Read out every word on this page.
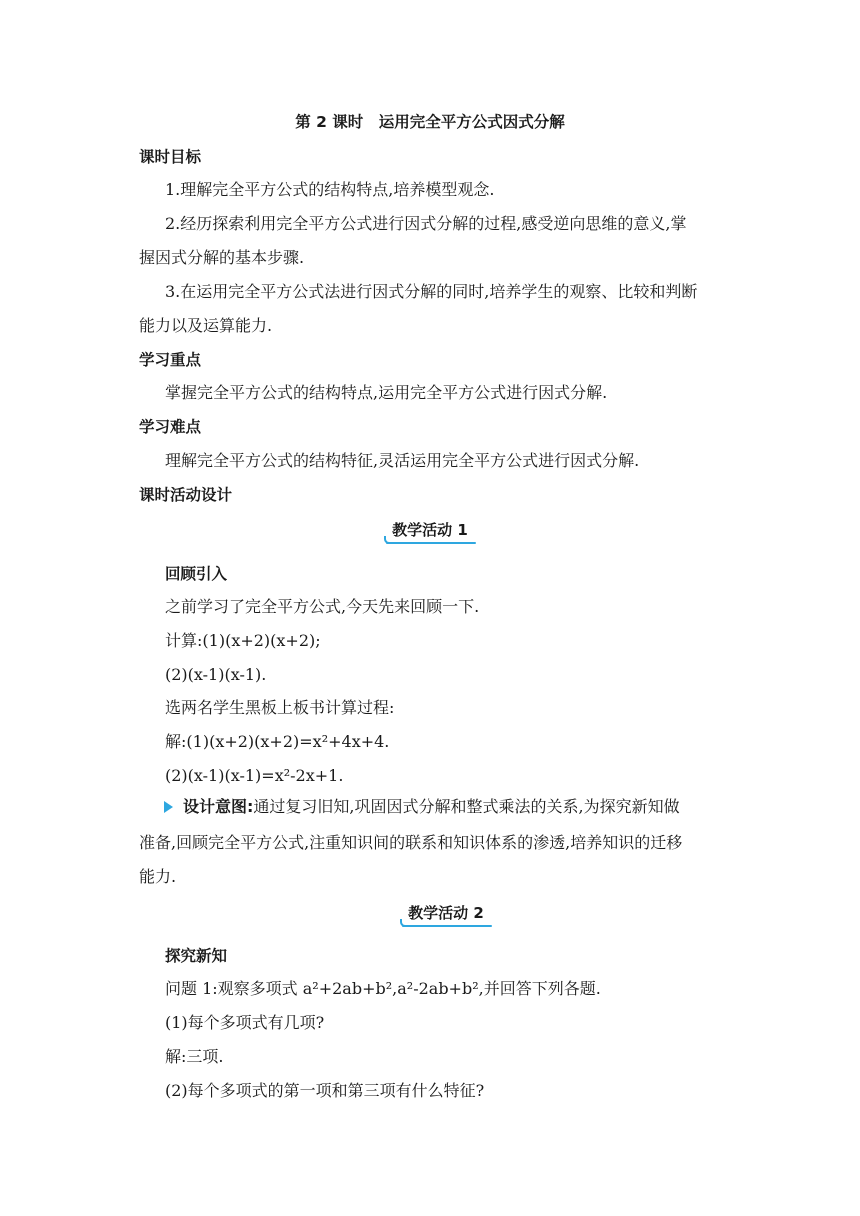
第 2 课时　运用完全平方公式因式分解
课时目标
1.理解完全平方公式的结构特点,培养模型观念.
2.经历探索利用完全平方公式进行因式分解的过程,感受逆向思维的意义,掌
握因式分解的基本步骤.
3.在运用完全平方公式法进行因式分解的同时,培养学生的观察、比较和判断
能力以及运算能力.
学习重点
掌握完全平方公式的结构特点,运用完全平方公式进行因式分解.
学习难点
理解完全平方公式的结构特征,灵活运用完全平方公式进行因式分解.
课时活动设计
教学活动 1
回顾引入
之前学习了完全平方公式,今天先来回顾一下.
计算:(1)(x+2)(x+2);
(2)(x-1)(x-1).
选两名学生黑板上板书计算过程:
解:(1)(x+2)(x+2)=x²+4x+4.
(2)(x-1)(x-1)=x²-2x+1.
设计意图:通过复习旧知,巩固因式分解和整式乘法的关系,为探究新知做
准备,回顾完全平方公式,注重知识间的联系和知识体系的渗透,培养知识的迁移
能力.
教学活动 2
探究新知
问题 1:观察多项式 a²+2ab+b²,a²-2ab+b²,并回答下列各题.
(1)每个多项式有几项?
解:三项.
(2)每个多项式的第一项和第三项有什么特征?
